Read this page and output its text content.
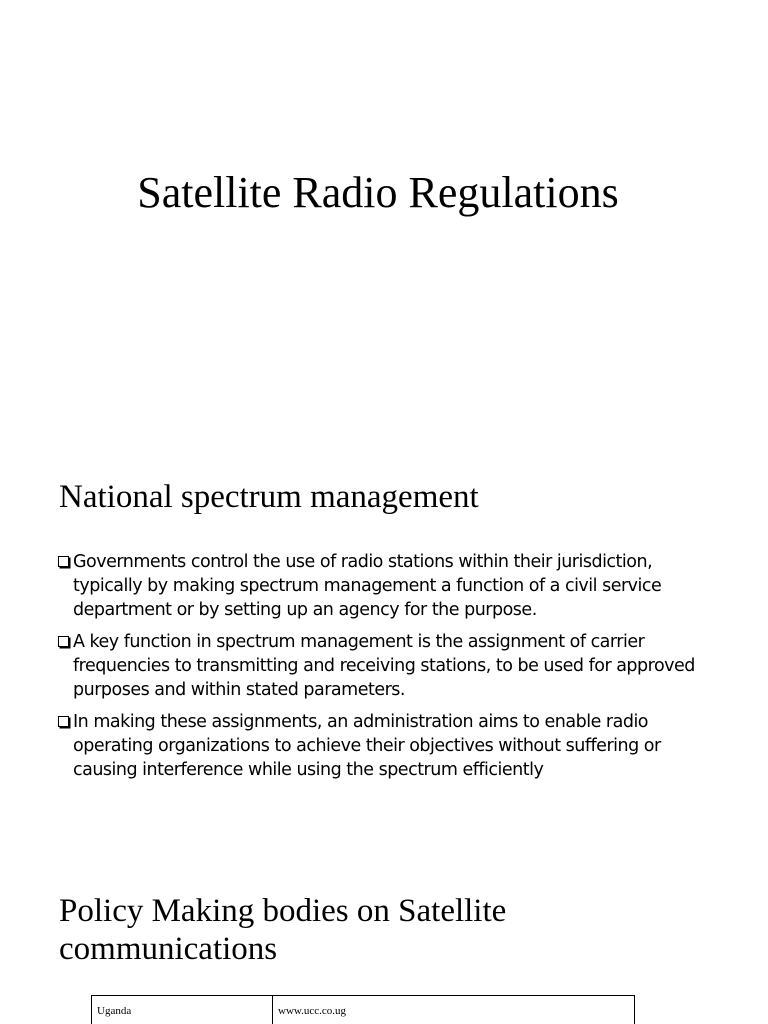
Satellite Radio Regulations
National spectrum management
Governments control the use of radio stations within their jurisdiction, typically by making spectrum management a function of a civil service department or by setting up an agency for the purpose.
A key function in spectrum management is the assignment of carrier frequencies to transmitting and receiving stations, to be used for approved purposes and within stated parameters.
In making these assignments, an administration aims to enable radio operating organizations to achieve their objectives without suffering or causing interference while using the spectrum efficiently
Policy Making bodies on Satellite communications
Uganda	www.ucc.co.ug
